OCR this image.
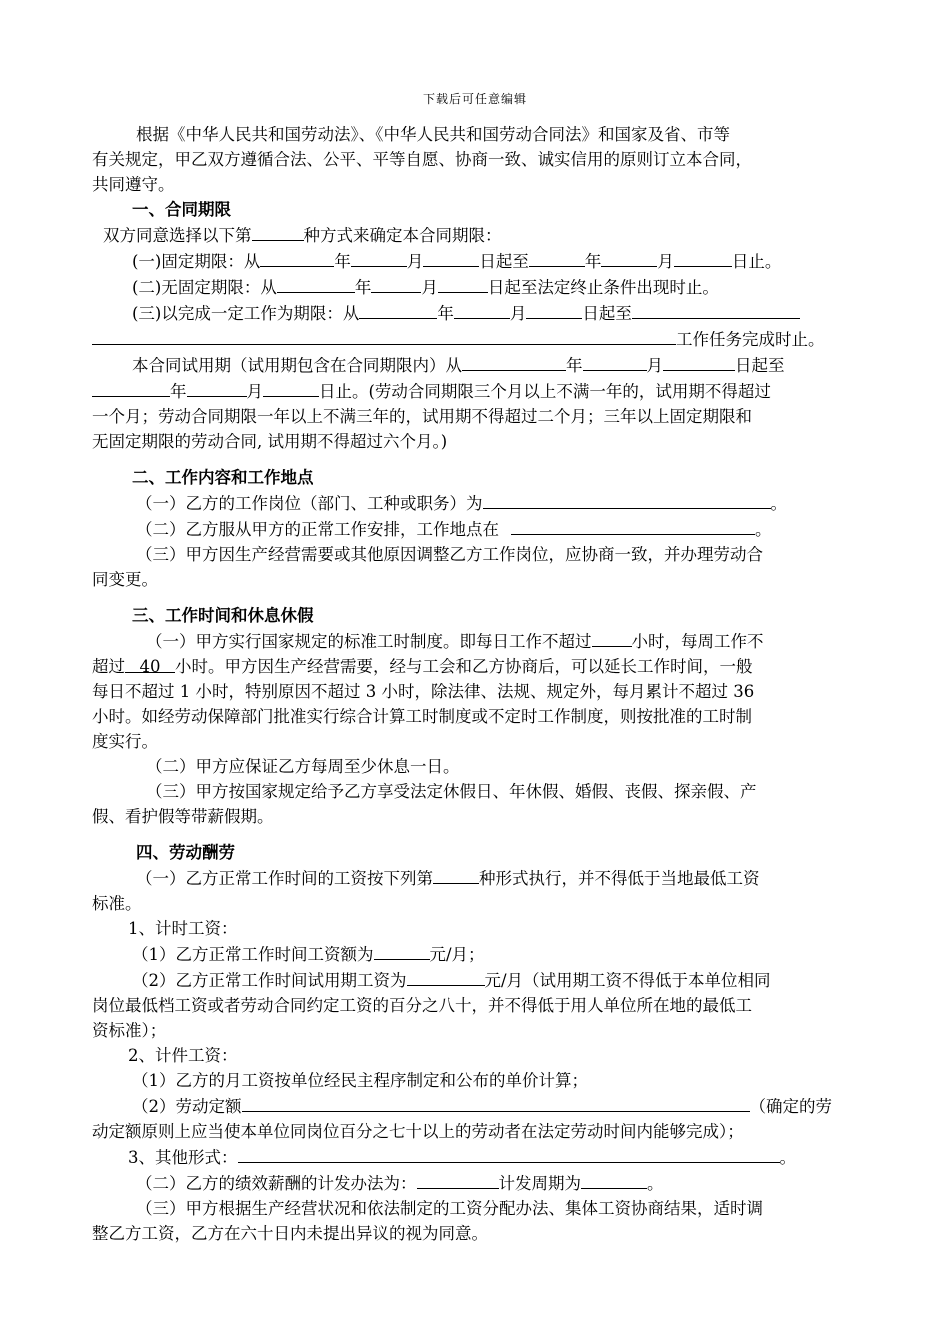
下载后可任意编辑
根据《中华人民共和国劳动法》、《中华人民共和国劳动合同法》和国家及省、市等
有关规定，甲乙双方遵循合法、公平、平等自愿、协商一致、诚实信用的原则订立本合同，
共同遵守。
一、合同期限
双方同意选择以下第	种方式来确定本合同期限：
(一)固定期限：从	年	月	日起至	年	月	日止。
(二)无固定期限：从	年	月	日起至法定终止条件出现时止。
(三)以完成一定工作为期限：从	年	月	日起至
工作任务完成时止。
本合同试用期（试用期包含在合同期限内）从	年	月	日起至
年	月	日止。(劳动合同期限三个月以上不满一年的，试用期不得超过
一个月；劳动合同期限一年以上不满三年的，试用期不得超过二个月；三年以上固定期限和
无固定期限的劳动合同, 试用期不得超过六个月。)
二、工作内容和工作地点
（一）乙方的工作岗位（部门、工种或职务）为	。
（二）乙方服从甲方的正常工作安排，工作地点在	。
（三）甲方因生产经营需要或其他原因调整乙方工作岗位，应协商一致，并办理劳动合
同变更。
三、工作时间和休息休假
（一）甲方实行国家规定的标准工时制度。即每日工作不超过 小时，每周工作不
超过 40 小时。甲方因生产经营需要，经与工会和乙方协商后，可以延长工作时间，一般
每日不超过 1 小时，特别原因不超过 3 小时，除法律、法规、规定外，每月累计不超过 36
小时。如经劳动保障部门批准实行综合计算工时制度或不定时工作制度，则按批准的工时制
度实行。
（二）甲方应保证乙方每周至少休息一日。
（三）甲方按国家规定给予乙方享受法定休假日、年休假、婚假、丧假、探亲假、产
假、看护假等带薪假期。
四、劳动酬劳
（一）乙方正常工作时间的工资按下列第	种形式执行，并不得低于当地最低工资
标准。
1、计时工资：
（1）乙方正常工作时间工资额为	元/月；
（2）乙方正常工作时间试用期工资为	元/月（试用期工资不得低于本单位相同
岗位最低档工资或者劳动合同约定工资的百分之八十，并不得低于用人单位所在地的最低工
资标准）；
2、计件工资：
（1）乙方的月工资按单位经民主程序制定和公布的单价计算；
（2）劳动定额	（确定的劳
动定额原则上应当使本单位同岗位百分之七十以上的劳动者在法定劳动时间内能够完成）；
3、其他形式：	。
（二）乙方的绩效薪酬的计发办法为：	计发周期为	。
（三）甲方根据生产经营状况和依法制定的工资分配办法、集体工资协商结果，适时调
整乙方工资，乙方在六十日内未提出异议的视为同意。
